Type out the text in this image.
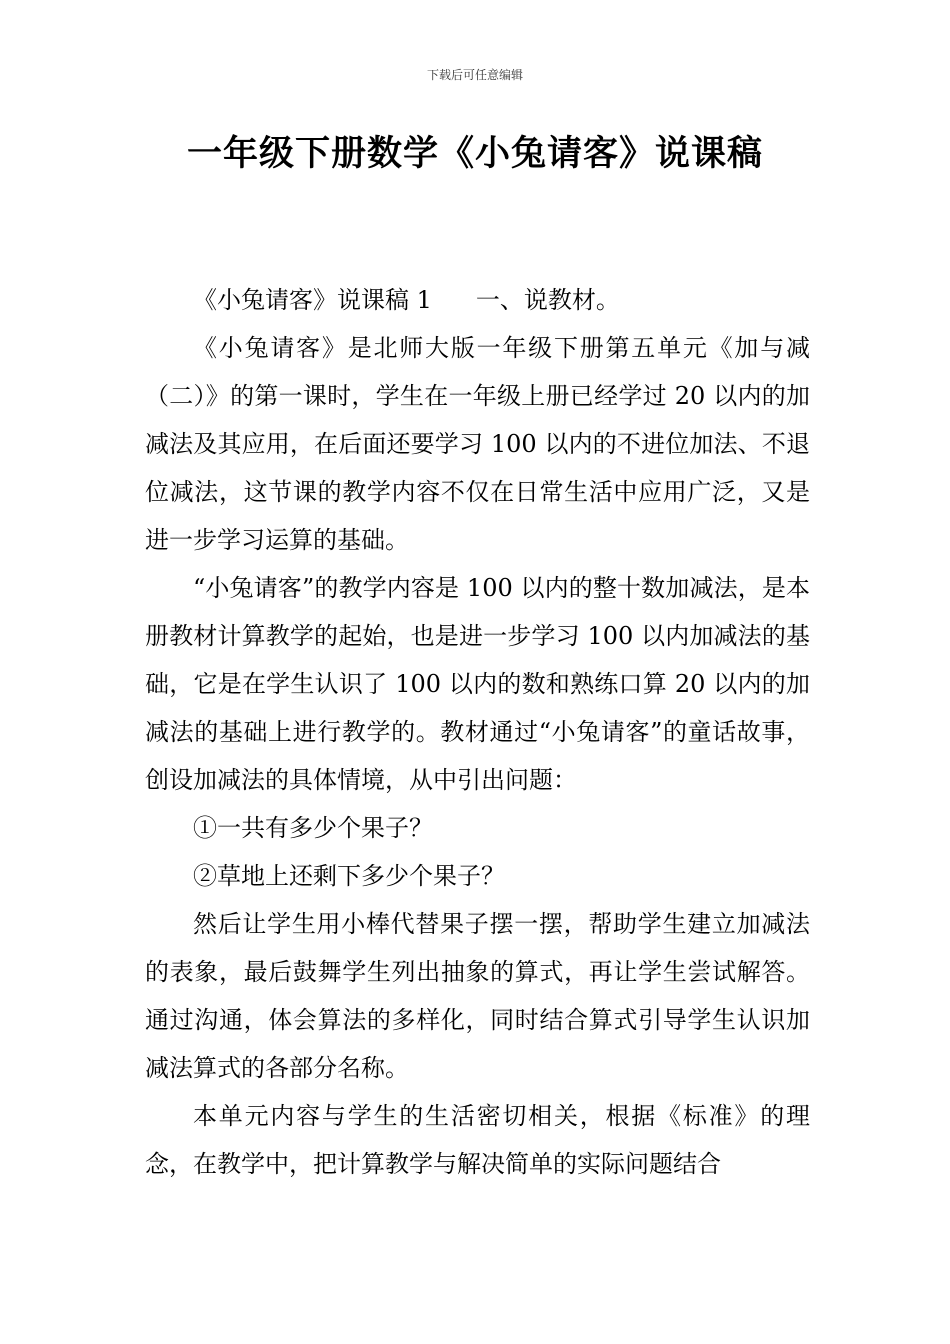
下载后可任意编辑
一年级下册数学《小兔请客》说课稿

《小兔请客》说课稿 1 一、说教材。

《小兔请客》是北师大版一年级下册第五单元《加与减（二）》的第一课时，学生在一年级上册已经学过 20 以内的加减法及其应用，在后面还要学习 100 以内的不进位加法、不退位减法，这节课的教学内容不仅在日常生活中应用广泛，又是进一步学习运算的基础。

“小兔请客”的教学内容是 100 以内的整十数加减法，是本册教材计算教学的起始，也是进一步学习 100 以内加减法的基础，它是在学生认识了 100 以内的数和熟练口算 20 以内的加减法的基础上进行教学的。教材通过“小兔请客”的童话故事，创设加减法的具体情境，从中引出问题：

①一共有多少个果子？

②草地上还剩下多少个果子？

然后让学生用小棒代替果子摆一摆，帮助学生建立加减法的表象，最后鼓舞学生列出抽象的算式，再让学生尝试解答。通过沟通，体会算法的多样化，同时结合算式引导学生认识加减法算式的各部分名称。

本单元内容与学生的生活密切相关，根据《标准》的理念，在教学中，把计算教学与解决简单的实际问题结合
